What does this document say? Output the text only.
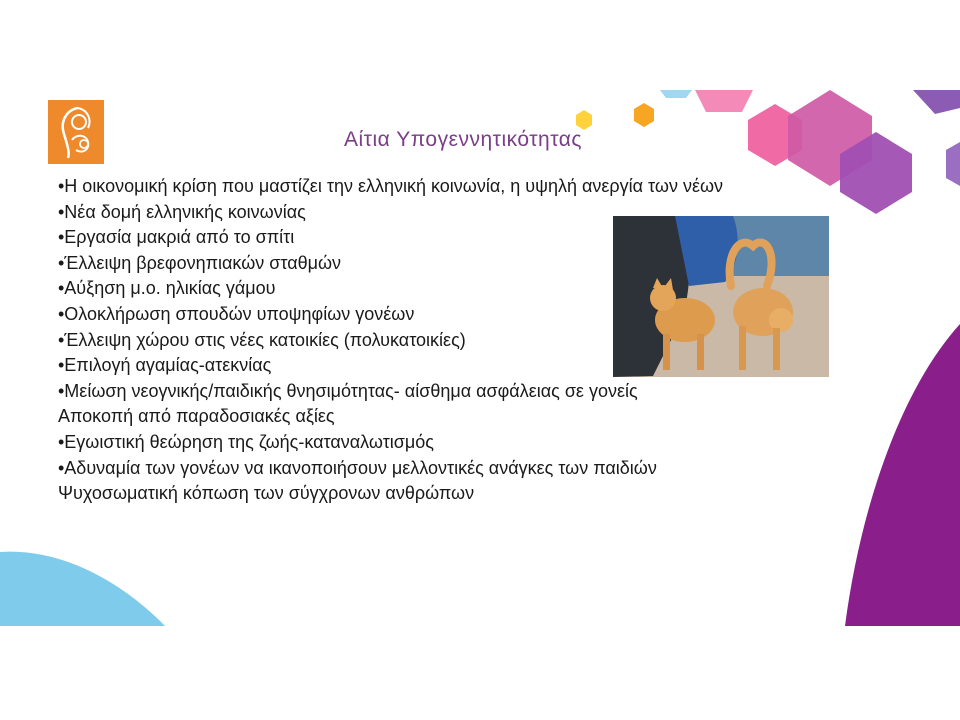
Αίτια Υπογεννητικότητας
•Η οικονομική κρίση που μαστίζει την ελληνική κοινωνία, η υψηλή ανεργία των νέων
•Νέα δομή ελληνικής κοινωνίας
•Εργασία μακριά από το σπίτι
•Έλλειψη βρεφονηπιακών σταθμών
•Αύξηση μ.ο. ηλικίας γάμου
•Ολοκλήρωση σπουδών υποψηφίων γονέων
•Έλλειψη χώρου στις νέες κατοικίες (πολυκατοικίες)
•Επιλογή αγαμίας-ατεκνίας
•Μείωση νεογνικής/παιδικής θνησιμότητας- αίσθημα ασφάλειας σε γονείς
Αποκοπή από παραδοσιακές αξίες
•Εγωιστική θεώρηση της ζωής-καταναλωτισμός
•Αδυναμία των γονέων να ικανοποιήσουν μελλοντικές ανάγκες των παιδιών
Ψυχοσωματική κόπωση των σύγχρονων ανθρώπων
